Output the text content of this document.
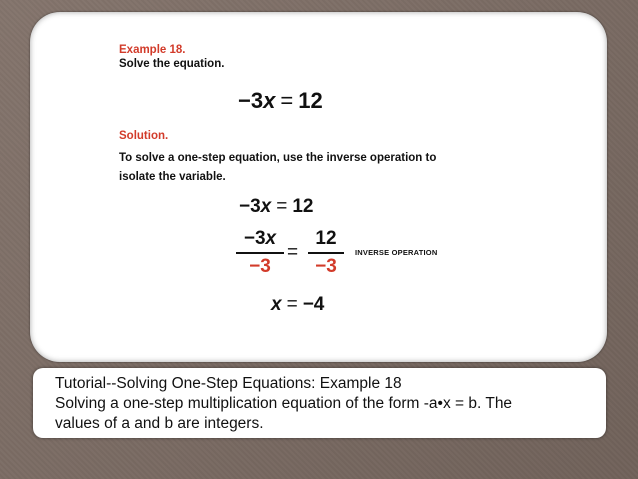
Example 18.
Solve the equation.
−3x = 12
Solution.
To solve a one-step equation, use the inverse operation to
isolate the variable.
−3x = 12
−3x
−3
=
12
−3
INVERSE OPERATION
x = −4
Tutorial--Solving One-Step Equations: Example 18
Solving a one-step multiplication equation of the form -a•x = b. The
values of a and b are integers.
